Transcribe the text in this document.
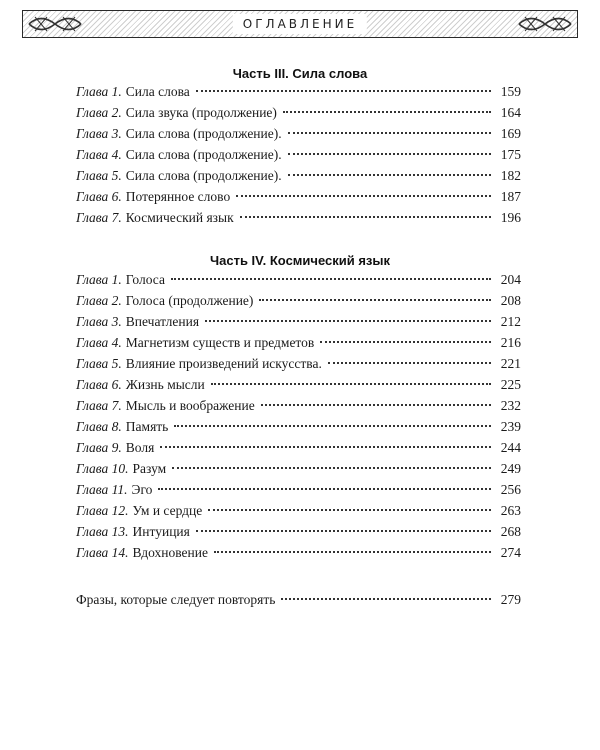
ОГЛАВЛЕНИЕ
Часть III. Сила слова
Глава 1. Сила слова	159
Глава 2. Сила звука (продолжение)	164
Глава 3. Сила слова (продолжение).	169
Глава 4. Сила слова (продолжение).	175
Глава 5. Сила слова (продолжение).	182
Глава 6. Потерянное слово	187
Глава 7. Космический язык	196
Часть IV. Космический язык
Глава 1. Голоса	204
Глава 2. Голоса (продолжение)	208
Глава 3. Впечатления	212
Глава 4. Магнетизм существ и предметов	216
Глава 5. Влияние произведений искусства.	221
Глава 6. Жизнь мысли	225
Глава 7. Мысль и воображение	232
Глава 8. Память	239
Глава 9. Воля	244
Глава 10. Разум	249
Глава 11. Эго	256
Глава 12. Ум и сердце	263
Глава 13. Интуиция	268
Глава 14. Вдохновение	274
Фразы, которые следует повторять	279
